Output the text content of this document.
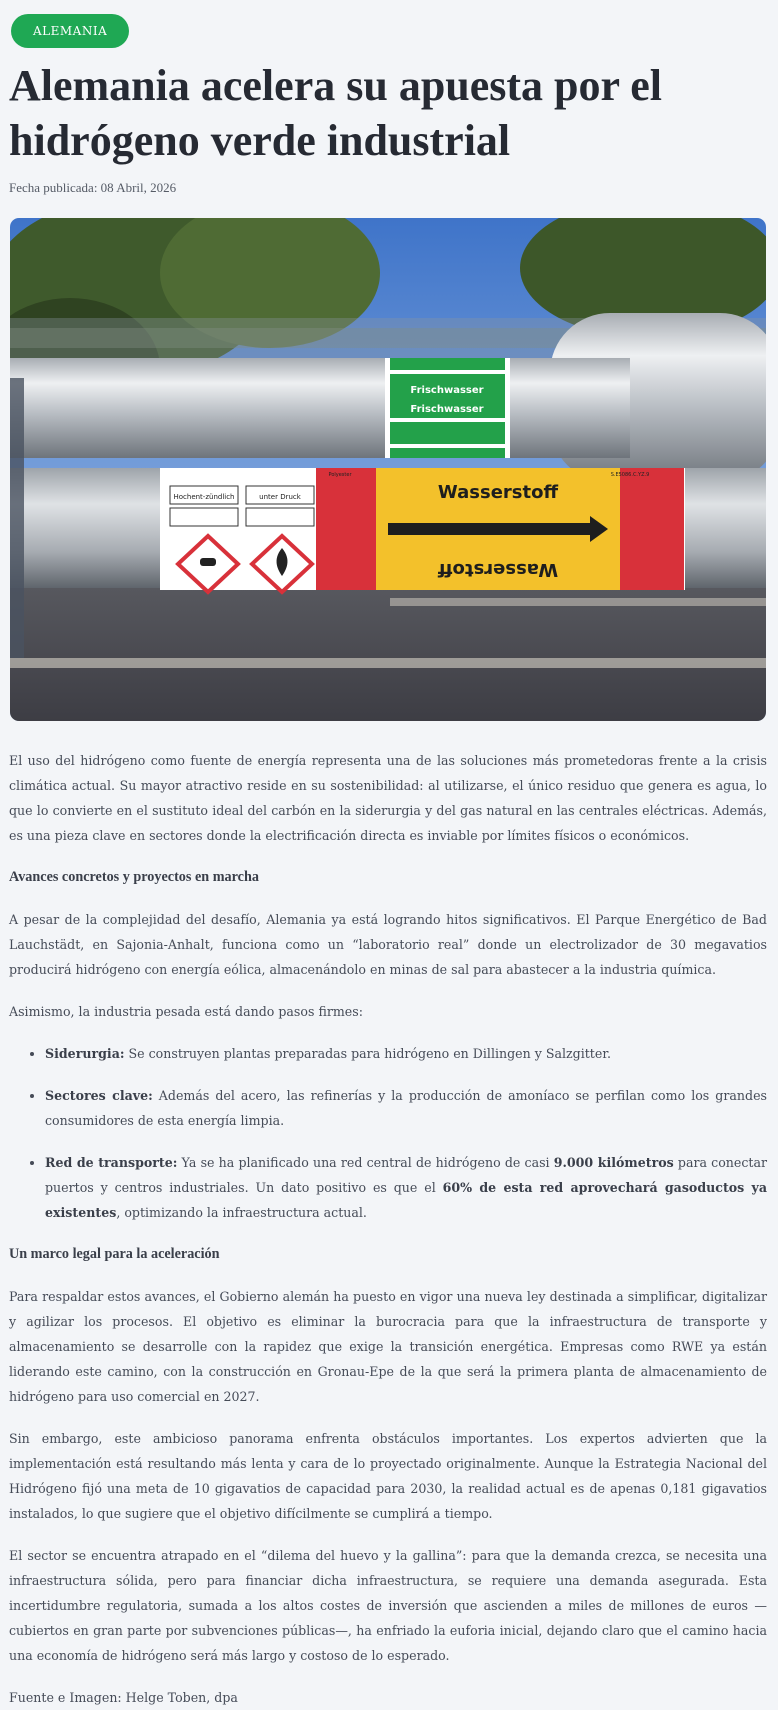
ALEMANIA
Alemania acelera su apuesta por el hidrógeno verde industrial
Fecha publicada: 08 Abril, 2026
Frischwasser
Frischwasser
Wasserstoff
Wasserstoff
Hochent-zündlich	unter Druck
S.E5086.C.YZ.9
Polyester

El uso del hidrógeno como fuente de energía representa una de las soluciones más prometedoras frente a la crisis climática actual. Su mayor atractivo reside en su sostenibilidad: al utilizarse, el único residuo que genera es agua, lo que lo convierte en el sustituto ideal del carbón en la siderurgia y del gas natural en las centrales eléctricas. Además, es una pieza clave en sectores donde la electrificación directa es inviable por límites físicos o económicos.

Avances concretos y proyectos en marcha

A pesar de la complejidad del desafío, Alemania ya está logrando hitos significativos. El Parque Energético de Bad Lauchstädt, en Sajonia-Anhalt, funciona como un “laboratorio real” donde un electrolizador de 30 megavatios producirá hidrógeno con energía eólica, almacenándolo en minas de sal para abastecer a la industria química.

Asimismo, la industria pesada está dando pasos firmes:

• Siderurgia: Se construyen plantas preparadas para hidrógeno en Dillingen y Salzgitter.
• Sectores clave: Además del acero, las refinerías y la producción de amoníaco se perfilan como los grandes consumidores de esta energía limpia.
• Red de transporte: Ya se ha planificado una red central de hidrógeno de casi 9.000 kilómetros para conectar puertos y centros industriales. Un dato positivo es que el 60% de esta red aprovechará gasoductos ya existentes, optimizando la infraestructura actual.
Un marco legal para la aceleración

Para respaldar estos avances, el Gobierno alemán ha puesto en vigor una nueva ley destinada a simplificar, digitalizar y agilizar los procesos. El objetivo es eliminar la burocracia para que la infraestructura de transporte y almacenamiento se desarrolle con la rapidez que exige la transición energética. Empresas como RWE ya están liderando este camino, con la construcción en Gronau-Epe de la que será la primera planta de almacenamiento de hidrógeno para uso comercial en 2027.

Sin embargo, este ambicioso panorama enfrenta obstáculos importantes. Los expertos advierten que la implementación está resultando más lenta y cara de lo proyectado originalmente. Aunque la Estrategia Nacional del Hidrógeno fijó una meta de 10 gigavatios de capacidad para 2030, la realidad actual es de apenas 0,181 gigavatios instalados, lo que sugiere que el objetivo difícilmente se cumplirá a tiempo.

El sector se encuentra atrapado en el “dilema del huevo y la gallina”: para que la demanda crezca, se necesita una infraestructura sólida, pero para financiar dicha infraestructura, se requiere una demanda asegurada. Esta incertidumbre regulatoria, sumada a los altos costes de inversión que ascienden a miles de millones de euros —cubiertos en gran parte por subvenciones públicas—, ha enfriado la euforia inicial, dejando claro que el camino hacia una economía de hidrógeno será más largo y costoso de lo esperado.

Fuente e Imagen: Helge Toben, dpa
